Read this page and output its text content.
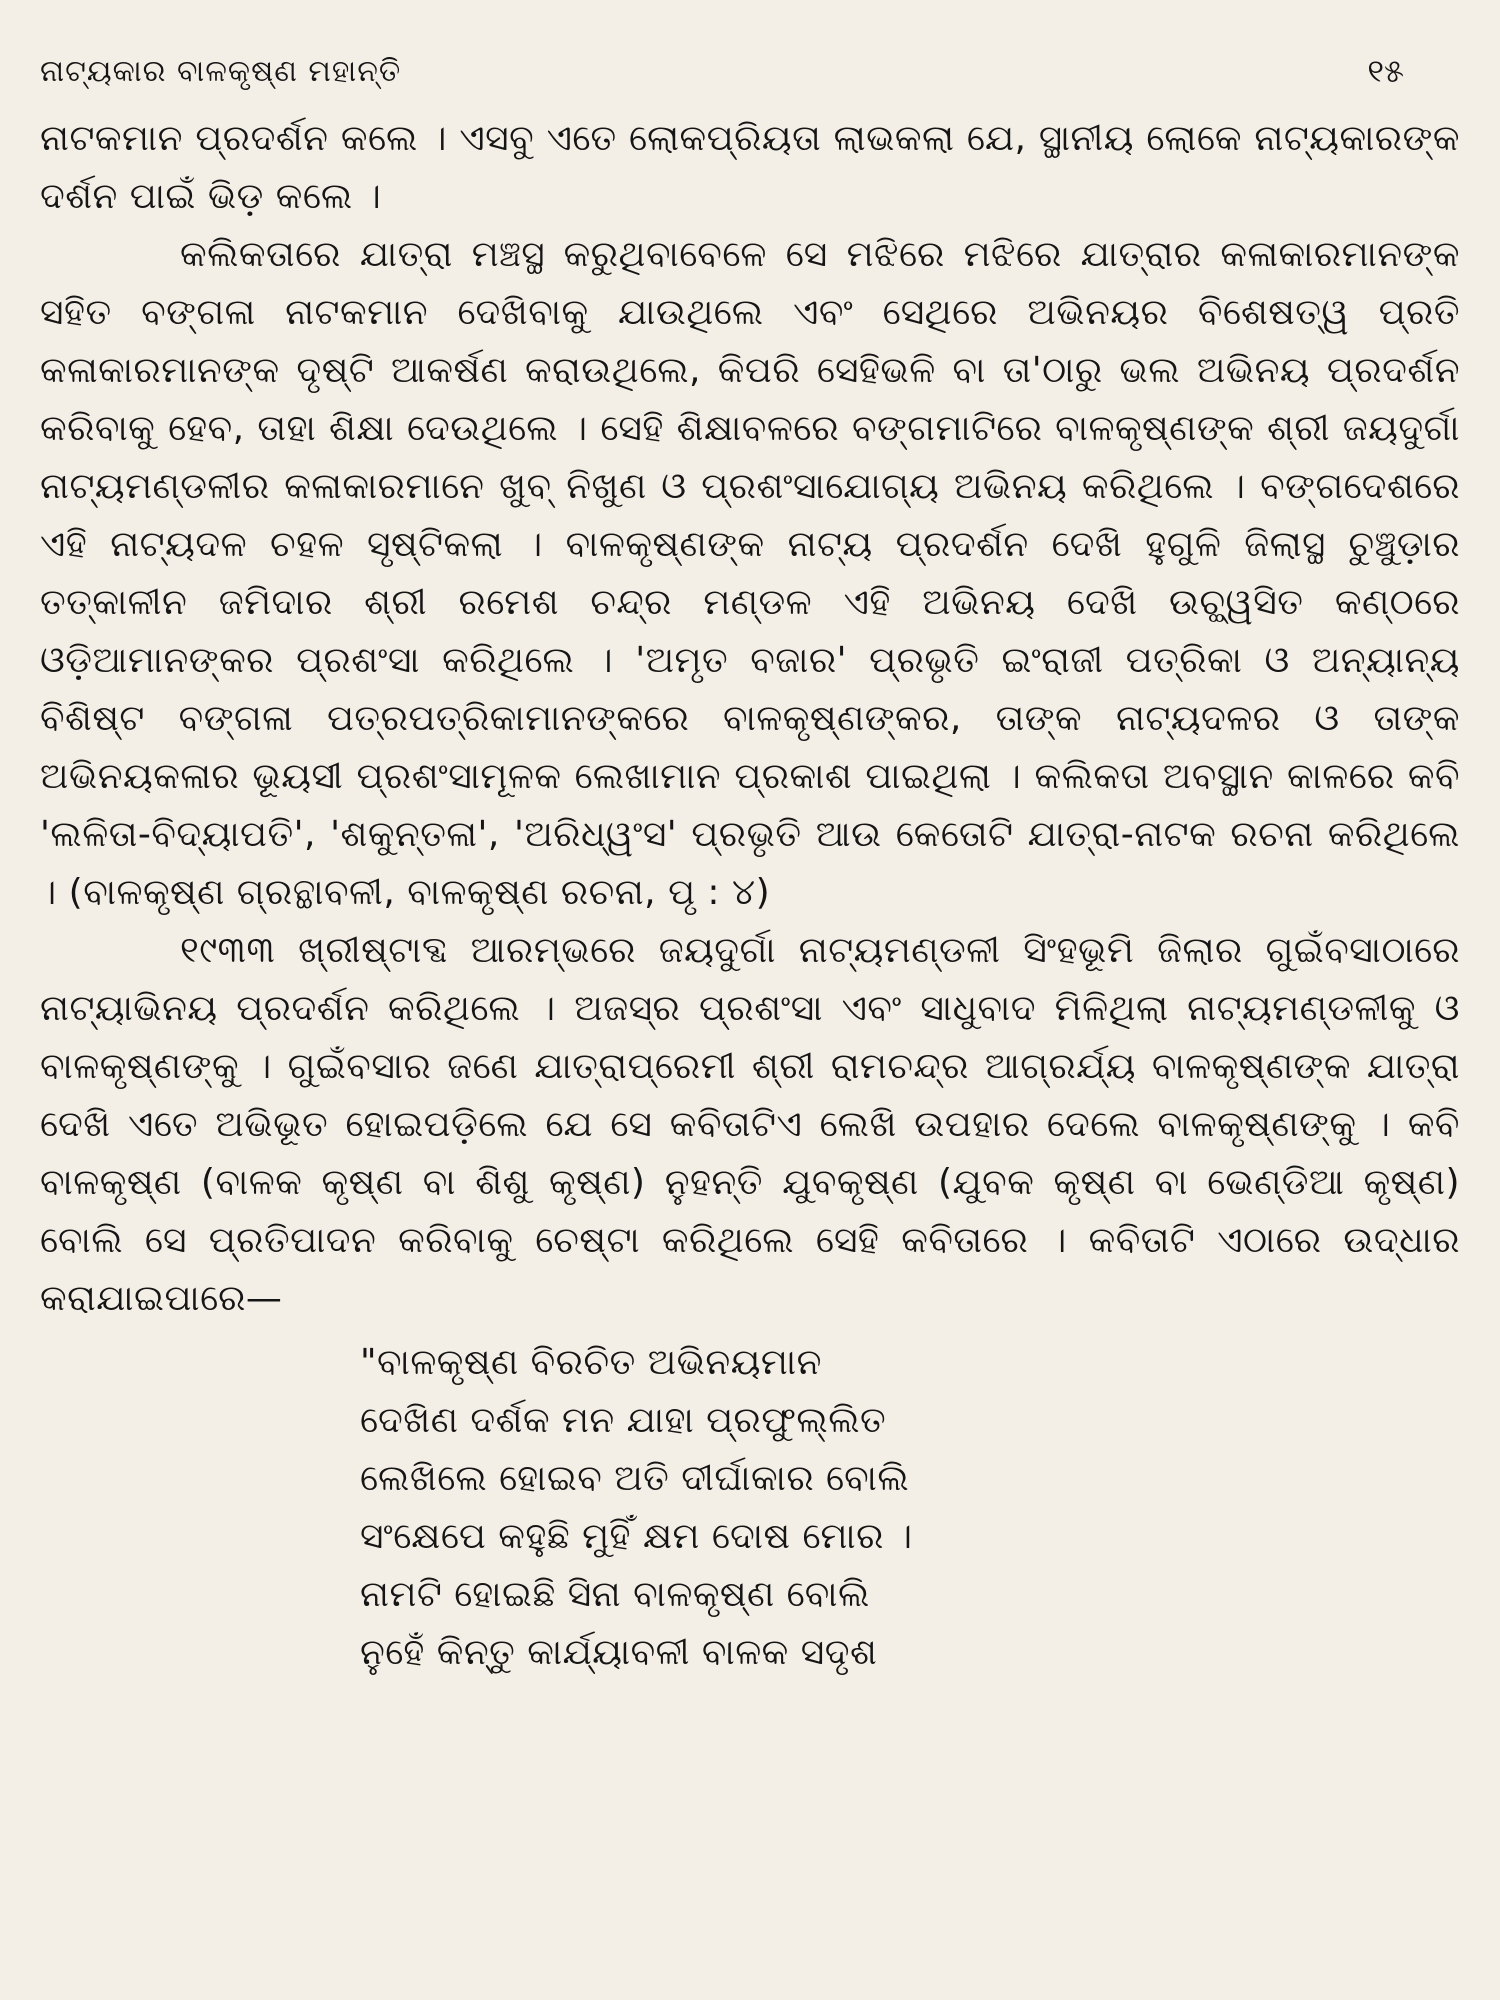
ନାଟ୍ୟକାର ବାଳକୃଷ୍ଣ ମହାନ୍ତି	୧୫

ନାଟକମାନ ପ୍ରଦର୍ଶନ କଲେ । ଏସବୁ ଏତେ ଲୋକପ୍ରିୟତା ଲାଭକଲା ଯେ, ସ୍ଥାନୀୟ ଲୋକେ ନାଟ୍ୟକାରଙ୍କ ଦର୍ଶନ ପାଇଁ ଭିଡ଼ କଲେ ।

କଲିକତାରେ ଯାତ୍ରା ମଞ୍ଚସ୍ଥ କରୁଥିବାବେଳେ ସେ ମଝିରେ ମଝିରେ ଯାତ୍ରାର କଳାକାରମାନଙ୍କ ସହିତ ବଙ୍ଗଳା ନାଟକମାନ ଦେଖିବାକୁ ଯାଉଥିଲେ ଏବଂ ସେଥିରେ ଅଭିନୟର ବିଶେଷତ୍ୱ ପ୍ରତି କଳାକାରମାନଙ୍କ ଦୃଷ୍ଟି ଆକର୍ଷଣ କରାଉଥିଲେ, କିପରି ସେହିଭଳି ବା ତା'ଠାରୁ ଭଲ ଅଭିନୟ ପ୍ରଦର୍ଶନ କରିବାକୁ ହେବ, ତାହା ଶିକ୍ଷା ଦେଉଥିଲେ । ସେହି ଶିକ୍ଷାବଳରେ ବଙ୍ଗମାଟିରେ ବାଳକୃଷ୍ଣଙ୍କ ଶ୍ରୀ ଜୟଦୁର୍ଗା ନାଟ୍ୟମଣ୍ଡଳୀର କଳାକାରମାନେ ଖୁବ୍ ନିଖୁଣ ଓ ପ୍ରଶଂସାଯୋଗ୍ୟ ଅଭିନୟ କରିଥିଲେ । ବଙ୍ଗଦେଶରେ ଏହି ନାଟ୍ୟଦଳ ଚହଳ ସୃଷ୍ଟିକଲା । ବାଳକୃଷ୍ଣଙ୍କ ନାଟ୍ୟ ପ୍ରଦର୍ଶନ ଦେଖି ହୁଗୁଳି ଜିଲାସ୍ଥ ଚୁଞ୍ଚୁଡ଼ାର ତତ୍କାଳୀନ ଜମିଦାର ଶ୍ରୀ ରମେଶ ଚନ୍ଦ୍ର ମଣ୍ଡଳ ଏହି ଅଭିନୟ ଦେଖି ଉଚ୍ଛ୍ୱସିତ କଣ୍ଠରେ ଓଡ଼ିଆମାନଙ୍କର ପ୍ରଶଂସା କରିଥିଲେ । 'ଅମୃତ ବଜାର' ପ୍ରଭୃତି ଇଂରାଜୀ ପତ୍ରିକା ଓ ଅନ୍ୟାନ୍ୟ ବିଶିଷ୍ଟ ବଙ୍ଗଳା ପତ୍ରପତ୍ରିକାମାନଙ୍କରେ ବାଳକୃଷ୍ଣଙ୍କର, ତାଙ୍କ ନାଟ୍ୟଦଳର ଓ ତାଙ୍କ ଅଭିନୟକଳାର ଭୂୟସୀ ପ୍ରଶଂସାମୂଳକ ଲେଖାମାନ ପ୍ରକାଶ ପାଇଥିଲା । କଲିକତା ଅବସ୍ଥାନ କାଳରେ କବି 'ଲଳିତା-ବିଦ୍ୟାପତି', 'ଶକୁନ୍ତଳା', 'ଅରିଧ୍ୱଂସ' ପ୍ରଭୃତି ଆଉ କେତୋଟି ଯାତ୍ରା-ନାଟକ ରଚନା କରିଥିଲେ । (ବାଳକୃଷ୍ଣ ଗ୍ରନ୍ଥାବଳୀ, ବାଳକୃଷ୍ଣ ରଚନା, ପୃ : ୪)

୧୯୩୩ ଖ୍ରୀଷ୍ଟାବ୍ଦ ଆରମ୍ଭରେ ଜୟଦୁର୍ଗା ନାଟ୍ୟମଣ୍ଡଳୀ ସିଂହଭୂମି ଜିଲାର ଗୁଇଁବସାଠାରେ ନାଟ୍ୟାଭିନୟ ପ୍ରଦର୍ଶନ କରିଥିଲେ । ଅଜସ୍ର ପ୍ରଶଂସା ଏବଂ ସାଧୁବାଦ ମିଳିଥିଲା ନାଟ୍ୟମଣ୍ଡଳୀକୁ ଓ ବାଳକୃଷ୍ଣଙ୍କୁ । ଗୁଇଁବସାର ଜଣେ ଯାତ୍ରାପ୍ରେମୀ ଶ୍ରୀ ରାମଚନ୍ଦ୍ର ଆଗ୍ରର୍ଯ୍ୟ ବାଳକୃଷ୍ଣଙ୍କ ଯାତ୍ରା ଦେଖି ଏତେ ଅଭିଭୂତ ହୋଇପଡ଼ିଲେ ଯେ ସେ କବିତାଟିଏ ଲେଖି ଉପହାର ଦେଲେ ବାଳକୃଷ୍ଣଙ୍କୁ । କବି ବାଳକୃଷ୍ଣ (ବାଳକ କୃଷ୍ଣ ବା ଶିଶୁ କୃଷ୍ଣ) ନୁହନ୍ତି ଯୁବକୃଷ୍ଣ (ଯୁବକ କୃଷ୍ଣ ବା ଭେଣ୍ଡିଆ କୃଷ୍ଣ) ବୋଲି ସେ ପ୍ରତିପାଦନ କରିବାକୁ ଚେଷ୍ଟା କରିଥିଲେ ସେହି କବିତାରେ । କବିତାଟି ଏଠାରେ ଉଦ୍ଧାର କରାଯାଇପାରେ—

"ବାଳକୃଷ୍ଣ ବିରଚିତ ଅଭିନୟମାନ
ଦେଖିଣ ଦର୍ଶକ ମନ ଯାହା ପ୍ରଫୁଲ୍ଲିତ
ଲେଖିଲେ ହୋଇବ ଅତି ଦୀର୍ଘାକାର ବୋଲି
ସଂକ୍ଷେପେ କହୁଛି ମୁହିଁ କ୍ଷମ ଦୋଷ ମୋର ।
ନାମଟି ହୋଇଛି ସିନା ବାଳକୃଷ୍ଣ ବୋଲି
ନୁହେଁ କିନ୍ତୁ କାର୍ଯ୍ୟାବଳୀ ବାଳକ ସଦୃଶ
